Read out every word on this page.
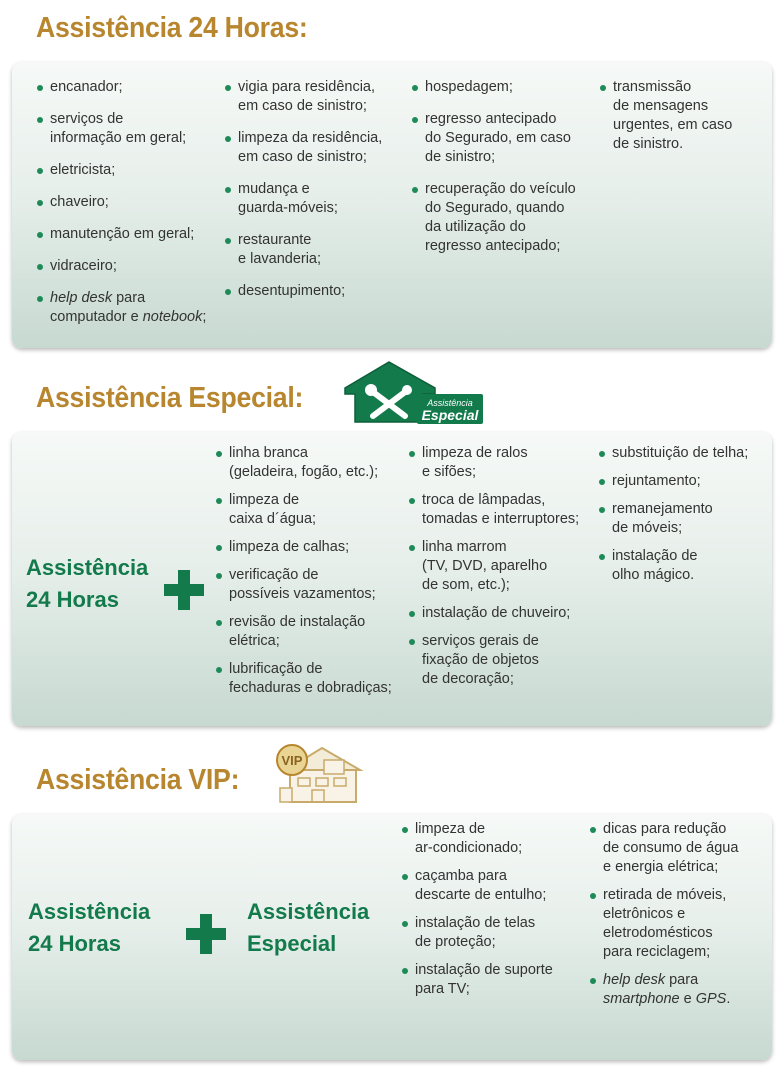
Assistência 24 Horas:
encanador;
serviços de
informação em geral;
eletricista;
chaveiro;
manutenção em geral;
vidraceiro;
help desk para
computador e notebook;
vigia para residência,
em caso de sinistro;
limpeza da residência,
em caso de sinistro;
mudança e
guarda-móveis;
restaurante
e lavanderia;
desentupimento;
hospedagem;
regresso antecipado
do Segurado, em caso
de sinistro;
recuperação do veículo
do Segurado, quando
da utilização do
regresso antecipado;
transmissão
de mensagens
urgentes, em caso
de sinistro.
Assistência Especial:	Assistência
Especial
Assistência
24 Horas
linha branca
(geladeira, fogão, etc.);
limpeza de
caixa d´água;
limpeza de calhas;
verificação de
possíveis vazamentos;
revisão de instalação
elétrica;
lubrificação de
fechaduras e dobradiças;
limpeza de ralos
e sifões;
troca de lâmpadas,
tomadas e interruptores;
linha marrom
(TV, DVD, aparelho
de som, etc.);
instalação de chuveiro;
serviços gerais de
fixação de objetos
de decoração;
substituição de telha;
rejuntamento;
remanejamento
de móveis;
instalação de
olho mágico.
Assistência VIP:
VIP
Assistência
24 Horas
Assistência
Especial
limpeza de
ar-condicionado;
caçamba para
descarte de entulho;
instalação de telas
de proteção;
instalação de suporte
para TV;
dicas para redução
de consumo de água
e energia elétrica;
retirada de móveis,
eletrônicos e
eletrodomésticos
para reciclagem;
help desk para
smartphone e GPS.
